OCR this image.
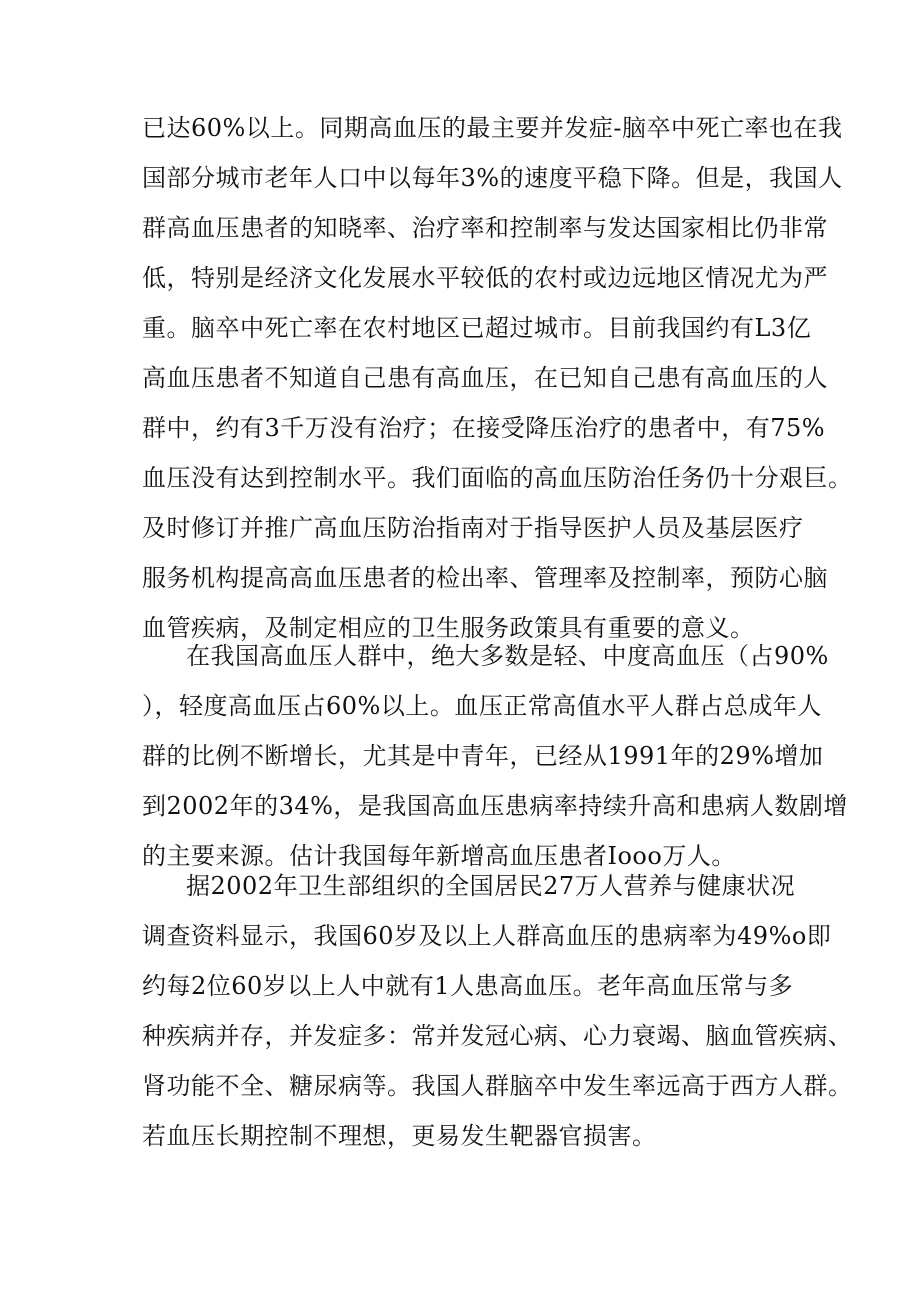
已达60%以上。同期高血压的最主要并发症-脑卒中死亡率也在我
国部分城市老年人口中以每年3%的速度平稳下降。但是，我国人
群高血压患者的知晓率、治疗率和控制率与发达国家相比仍非常
低，特别是经济文化发展水平较低的农村或边远地区情况尤为严
重。脑卒中死亡率在农村地区已超过城市。目前我国约有L3亿
高血压患者不知道自己患有高血压，在已知自己患有高血压的人
群中，约有3千万没有治疗；在接受降压治疗的患者中，有75%
血压没有达到控制水平。我们面临的高血压防治任务仍十分艰巨。
及时修订并推广高血压防治指南对于指导医护人员及基层医疗
服务机构提高高血压患者的检出率、管理率及控制率，预防心脑
血管疾病，及制定相应的卫生服务政策具有重要的意义。
在我国高血压人群中，绝大多数是轻、中度高血压（占90%
），轻度高血压占60%以上。血压正常高值水平人群占总成年人
群的比例不断增长，尤其是中青年，已经从1991年的29%增加
到2002年的34%，是我国高血压患病率持续升高和患病人数剧增
的主要来源。估计我国每年新增高血压患者Iooo万人。
据2002年卫生部组织的全国居民27万人营养与健康状况
调查资料显示，我国60岁及以上人群高血压的患病率为49%o即
约每2位60岁以上人中就有1人患高血压。老年高血压常与多
种疾病并存，并发症多：常并发冠心病、心力衰竭、脑血管疾病、
肾功能不全、糖尿病等。我国人群脑卒中发生率远高于西方人群。
若血压长期控制不理想，更易发生靶器官损害。
